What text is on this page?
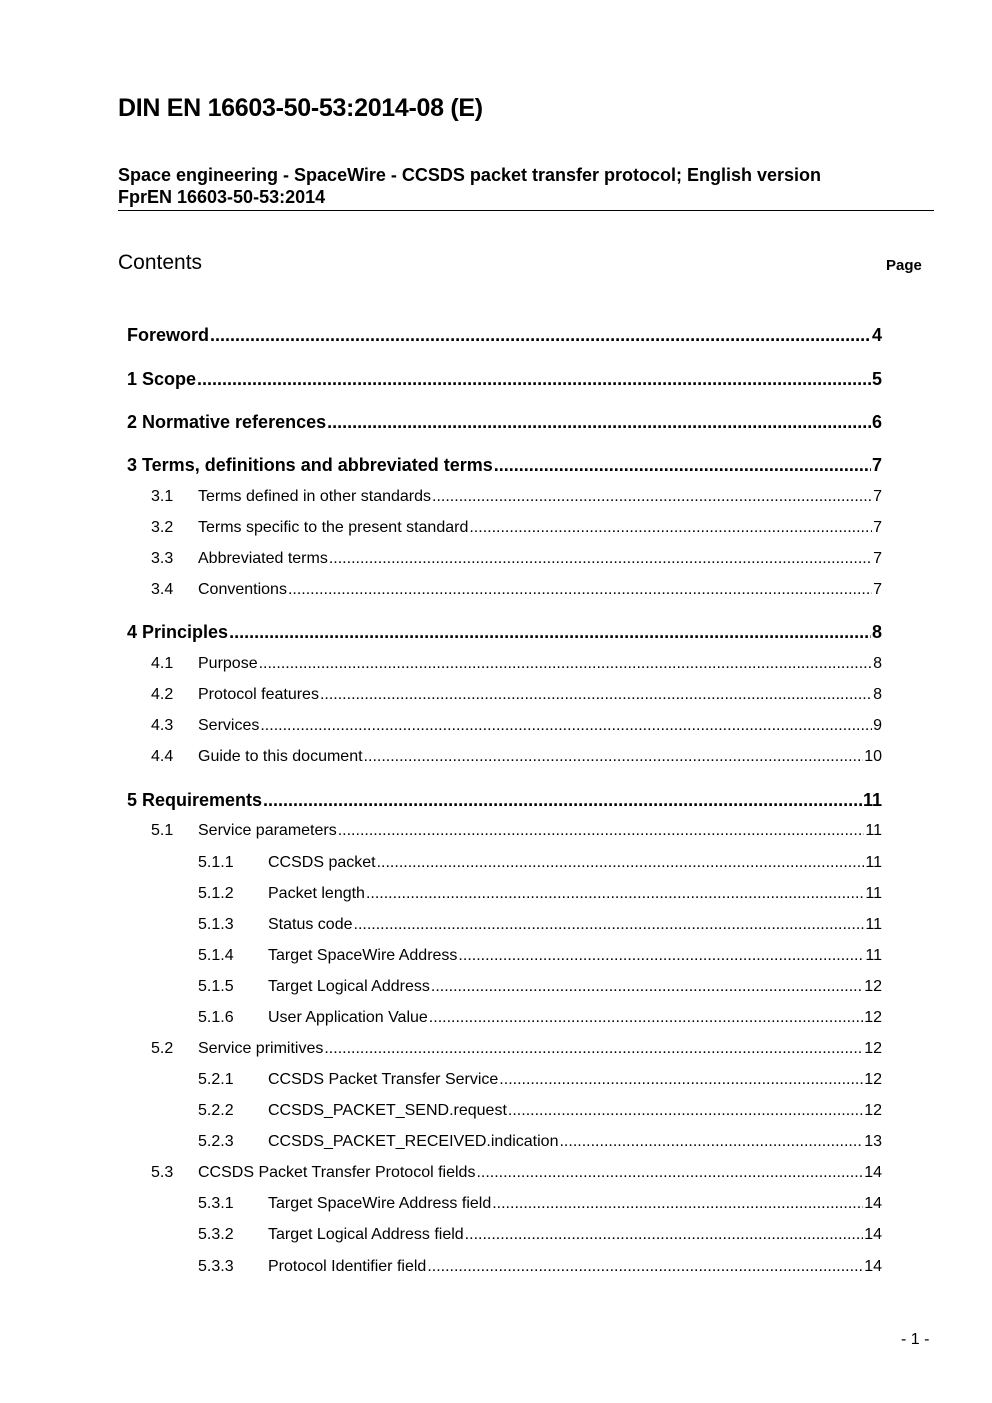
DIN EN 16603-50-53:2014-08 (E)
Space engineering - SpaceWire - CCSDS packet transfer protocol; English version
FprEN 16603-50-53:2014
Contents	Page
Foreword .....	4
1 Scope .....	5
2 Normative references .....	6
3 Terms, definitions and abbreviated terms .....	7
3.1	Terms defined in other standards .....	7
3.2	Terms specific to the present standard .....	7
3.3	Abbreviated terms .....	7
3.4	Conventions .....	7
4 Principles .....	8
4.1	Purpose .....	8
4.2	Protocol features .....	8
4.3	Services .....	9
4.4	Guide to this document .....	10
5 Requirements .....	11
5.1	Service parameters .....	11
5.1.1	CCSDS packet .....	11
5.1.2	Packet length .....	11
5.1.3	Status code .....	11
5.1.4	Target SpaceWire Address .....	11
5.1.5	Target Logical Address .....	12
5.1.6	User Application Value .....	12
5.2	Service primitives .....	12
5.2.1	CCSDS Packet Transfer Service .....	12
5.2.2	CCSDS_PACKET_SEND.request .....	12
5.2.3	CCSDS_PACKET_RECEIVED.indication .....	13
5.3	CCSDS Packet Transfer Protocol fields .....	14
5.3.1	Target SpaceWire Address field .....	14
5.3.2	Target Logical Address field .....	14
5.3.3	Protocol Identifier field .....	14
- 1 -
